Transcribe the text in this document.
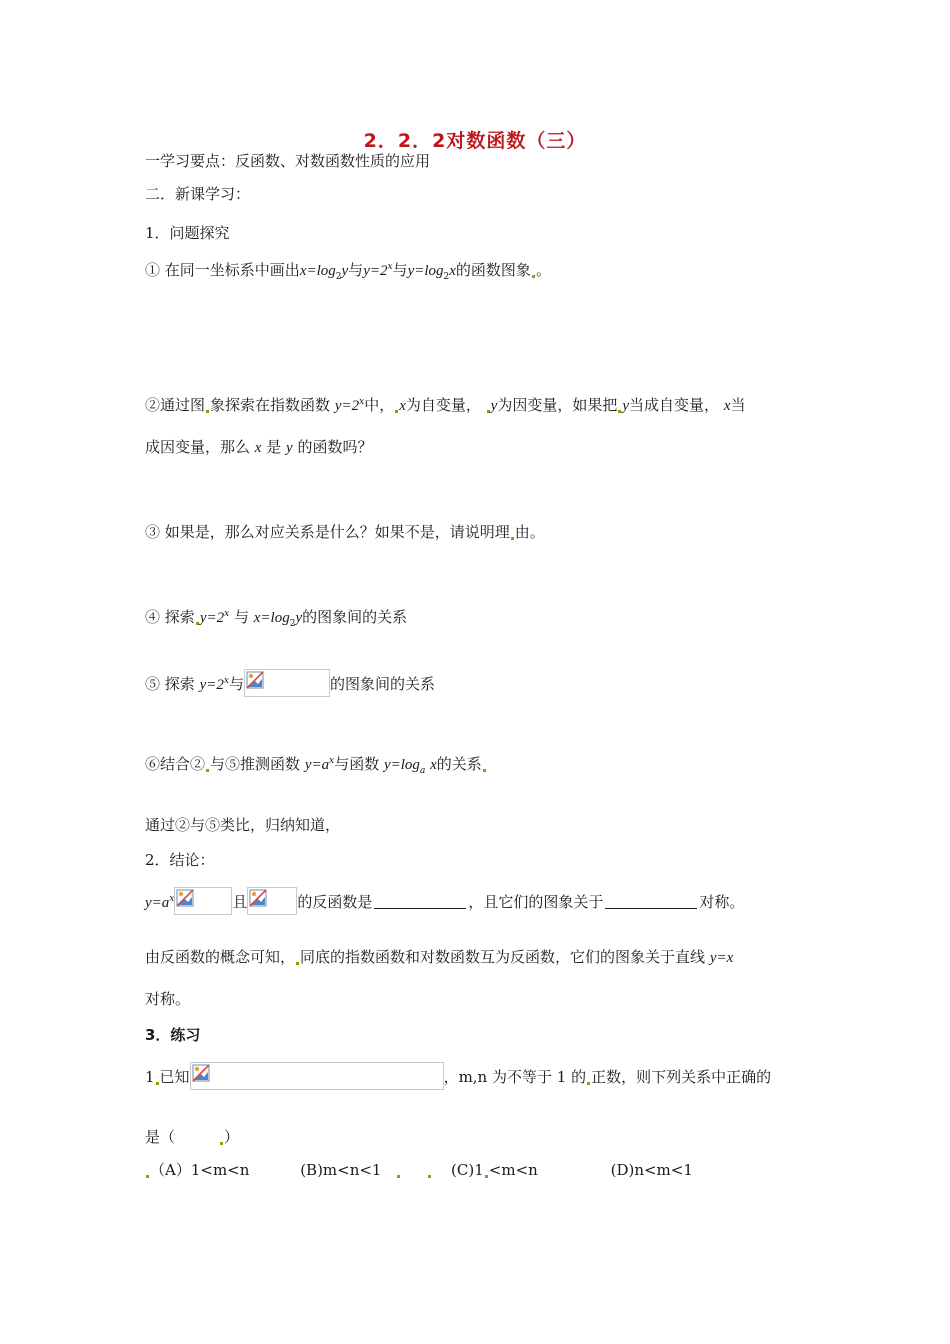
2．2．2对数函数（三）
一学习要点：反函数、对数函数性质的应用
二．新课学习：
1．问题探究
① 在同一坐标系中画出$x=\log_2y$与$y=2^x$与$y=\log_2x$的函数图象 。
②通过图 象探索在指数函数 $y=2^x$中， x为自变量， y为因变量，如果把 y当成自变量， x当
成因变量，那么 x 是 y 的函数吗？
③ 如果是，那么对应关系是什么？如果不是，请说明理 由。
④ 探索 $y=2^x$ 与 $x=\log_2y$的图象间的关系
⑤ 探索 $y=2^x$与	的图象间的关系
⑥结合② 与⑤推测函数 $y=a^x$与函数 $y=\log_a$ x的关系
通过②与⑤类比，归纳知道，
2．结论：
$y=a^x$	且	的反函数是	，且它们的图象关于	对称。
由反函数的概念可知， 同底的指数函数和对数函数互为反函数，它们的图象关于直线 y=x
对称。
3．练习
1 已知	，m,n 为不等于 1 的 正数，则下列关系中正确的
是（	）
（A）1<m<n	(B)m<n<1	(C)1 <m<n	(D)n<m<1
